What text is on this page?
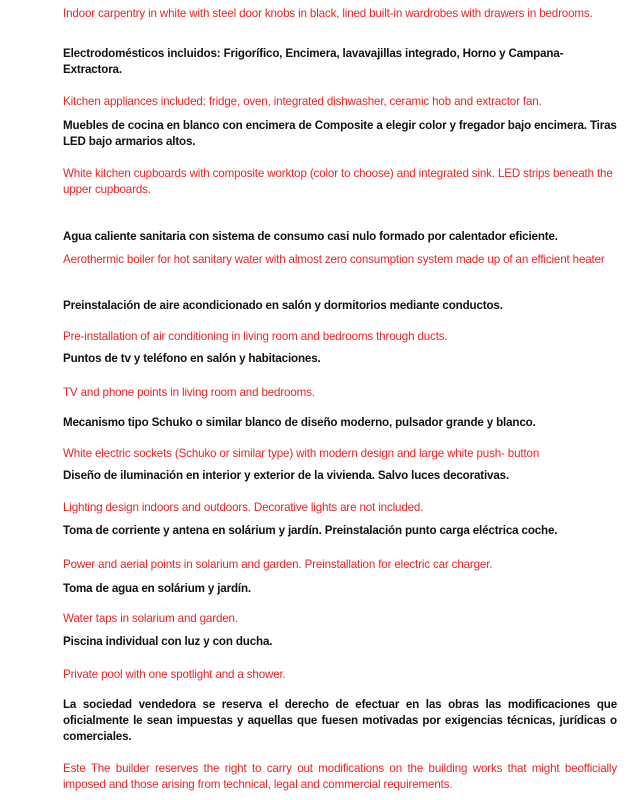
Indoor carpentry in white with steel door knobs in black, lined built-in wardrobes with drawers in bedrooms.

Electrodomésticos incluidos: Frigorífico, Encimera, lavavajillas integrado, Horno y Campana-Extractora.

Kitchen appliances included: fridge, oven, integrated dishwasher, ceramic hob and extractor fan.

Muebles de cocina en blanco con encimera de Composite a elegir color y fregador bajo encimera. Tiras LED bajo armarios altos.

White kitchen cupboards with composite worktop (color to choose) and integrated sink. LED strips beneath the upper cupboards.

Agua caliente sanitaria con sistema de consumo casi nulo formado por calentador eficiente.

Aerothermic boiler for hot sanitary water with almost zero consumption system made up of an efficient heater

Preinstalación de aire acondicionado en salón y dormitorios mediante conductos.

Pre-installation of air conditioning in living room and bedrooms through ducts.

Puntos de tv y teléfono en salón y habitaciones.

TV and phone points in living room and bedrooms.

Mecanismo tipo Schuko o similar blanco de diseño moderno, pulsador grande y blanco.

White electric sockets (Schuko or similar type) with modern design and large white push- button

Diseño de iluminación en interior y exterior de la vivienda. Salvo luces decorativas.

Lighting design indoors and outdoors. Decorative lights are not included.

Toma de corriente y antena en solárium y jardín. Preinstalación punto carga eléctrica coche.

Power and aerial points in solarium and garden. Preinstallation for electric car charger.

Toma de agua en solárium y jardín.

Water taps in solarium and garden.

Piscina individual con luz y con ducha.

Private pool with one spotlight and a shower.

La sociedad vendedora se reserva el derecho de efectuar en las obras las modificaciones que oficialmente le sean impuestas y aquellas que fuesen motivadas por exigencias técnicas, jurídicas o comerciales.

Este The builder reserves the right to carry out modifications on the building works that might beofficially imposed and those arising from technical, legal and commercial requirements.
